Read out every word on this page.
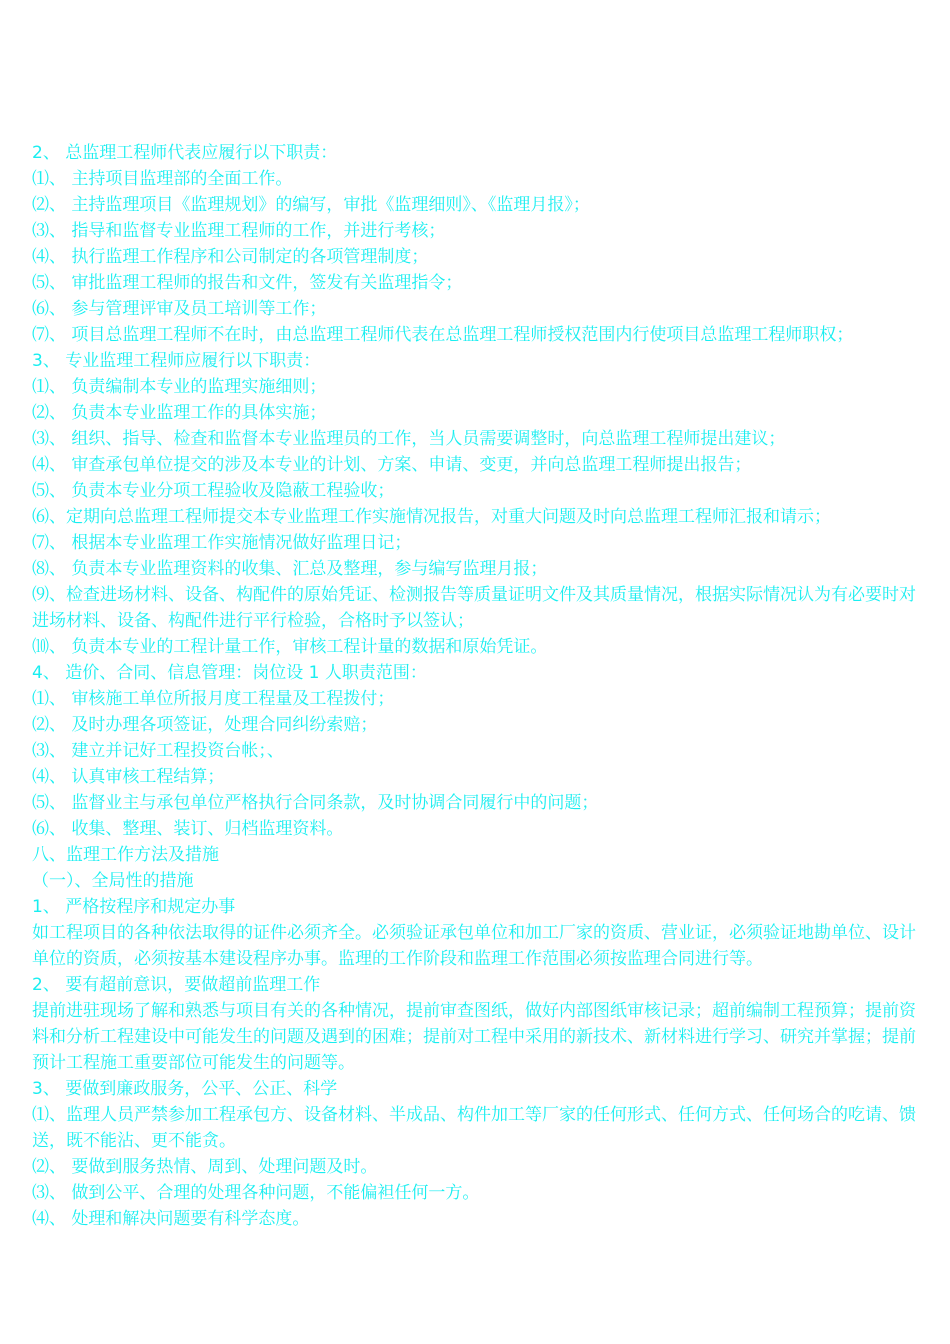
2、 总监理工程师代表应履行以下职责：

⑴、 主持项目监理部的全面工作。

⑵、 主持监理项目《监理规划》的编写，审批《监理细则》、《监理月报》；

⑶、 指导和监督专业监理工程师的工作，并进行考核；

⑷、 执行监理工作程序和公司制定的各项管理制度；

⑸、 审批监理工程师的报告和文件，签发有关监理指令；

⑹、 参与管理评审及员工培训等工作；

⑺、 项目总监理工程师不在时，由总监理工程师代表在总监理工程师授权范围内行使项目总监理工程师职权；

3、 专业监理工程师应履行以下职责：

⑴、 负责编制本专业的监理实施细则；

⑵、 负责本专业监理工作的具体实施；

⑶、 组织、指导、检查和监督本专业监理员的工作，当人员需要调整时，向总监理工程师提出建议；

⑷、 审查承包单位提交的涉及本专业的计划、方案、申请、变更，并向总监理工程师提出报告；

⑸、 负责本专业分项工程验收及隐蔽工程验收；

⑹、定期向总监理工程师提交本专业监理工作实施情况报告，对重大问题及时向总监理工程师汇报和请示；

⑺、 根据本专业监理工作实施情况做好监理日记；

⑻、 负责本专业监理资料的收集、汇总及整理，参与编写监理月报；

⑼、检查进场材料、设备、构配件的原始凭证、检测报告等质量证明文件及其质量情况，根据实际情况认为有必要时对进场材料、设备、构配件进行平行检验，合格时予以签认；

⑽、 负责本专业的工程计量工作，审核工程计量的数据和原始凭证。

4、 造价、合同、信息管理：岗位设 1 人职责范围：

⑴、 审核施工单位所报月度工程量及工程拨付；

⑵、 及时办理各项签证，处理合同纠纷索赔；

⑶、 建立并记好工程投资台帐；、

⑷、 认真审核工程结算；

⑸、 监督业主与承包单位严格执行合同条款，及时协调合同履行中的问题；

⑹、 收集、整理、装订、归档监理资料。

八、监理工作方法及措施

（一）、全局性的措施

1、 严格按程序和规定办事

如工程项目的各种依法取得的证件必须齐全。必须验证承包单位和加工厂家的资质、营业证，必须验证地勘单位、设计单位的资质，必须按基本建设程序办事。监理的工作阶段和监理工作范围必须按监理合同进行等。

2、 要有超前意识，要做超前监理工作

提前进驻现场了解和熟悉与项目有关的各种情况，提前审查图纸，做好内部图纸审核记录；超前编制工程预算；提前资料和分析工程建设中可能发生的问题及遇到的困难；提前对工程中采用的新技术、新材料进行学习、研究并掌握；提前预计工程施工重要部位可能发生的问题等。

3、 要做到廉政服务，公平、公正、科学

⑴、监理人员严禁参加工程承包方、设备材料、半成品、构件加工等厂家的任何形式、任何方式、任何场合的吃请、馈送，既不能沾、更不能贪。

⑵、 要做到服务热情、周到、处理问题及时。

⑶、 做到公平、合理的处理各种问题，不能偏袒任何一方。

⑷、 处理和解决问题要有科学态度。
